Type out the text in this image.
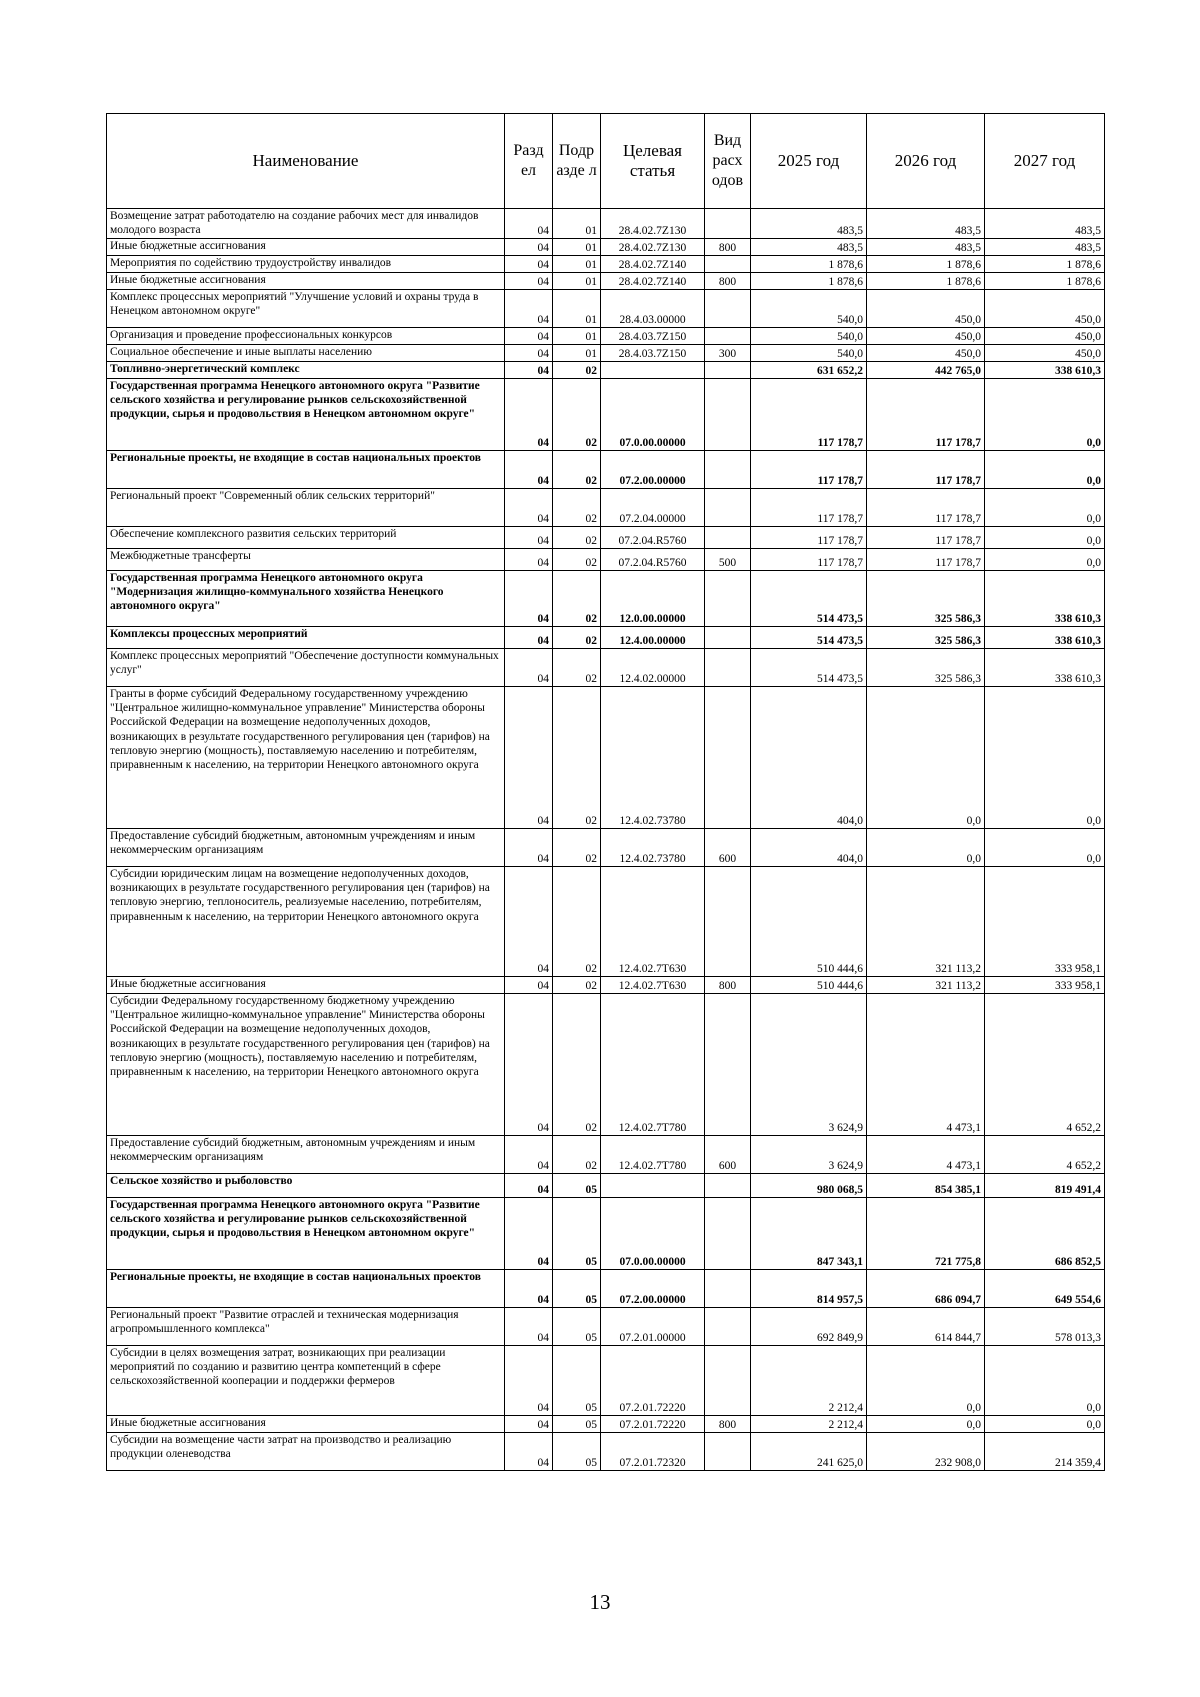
Наименование	Разд ел	Подр азде л	Целевая статья	Вид расх одов	2025 год	2026 год	2027 год
Возмещение затрат работодателю на создание рабочих мест для инвалидов молодого возраста	04	01	28.4.02.7Z130		483,5	483,5	483,5
Иные бюджетные ассигнования	04	01	28.4.02.7Z130	800	483,5	483,5	483,5
Мероприятия по содействию трудоустройству инвалидов	04	01	28.4.02.7Z140		1 878,6	1 878,6	1 878,6
Иные бюджетные ассигнования	04	01	28.4.02.7Z140	800	1 878,6	1 878,6	1 878,6
Комплекс процессных мероприятий "Улучшение условий и охраны труда в Ненецком автономном округе"	04	01	28.4.03.00000		540,0	450,0	450,0
Организация и проведение профессиональных конкурсов	04	01	28.4.03.7Z150		540,0	450,0	450,0
Социальное обеспечение и иные выплаты населению	04	01	28.4.03.7Z150	300	540,0	450,0	450,0
Топливно-энергетический комплекс	04	02			631 652,2	442 765,0	338 610,3
Государственная программа Ненецкого автономного округа "Развитие сельского хозяйства и регулирование рынков сельскохозяйственной продукции, сырья и продовольствия в Ненецком автономном округе"	04	02	07.0.00.00000		117 178,7	117 178,7	0,0
Региональные проекты, не входящие в состав национальных проектов	04	02	07.2.00.00000		117 178,7	117 178,7	0,0
Региональный проект "Современный облик сельских территорий"	04	02	07.2.04.00000		117 178,7	117 178,7	0,0
Обеспечение комплексного развития сельских территорий	04	02	07.2.04.R5760		117 178,7	117 178,7	0,0
Межбюджетные трансферты	04	02	07.2.04.R5760	500	117 178,7	117 178,7	0,0
Государственная программа Ненецкого автономного округа "Модернизация жилищно-коммунального хозяйства Ненецкого автономного округа"	04	02	12.0.00.00000		514 473,5	325 586,3	338 610,3
Комплексы процессных мероприятий	04	02	12.4.00.00000		514 473,5	325 586,3	338 610,3
Комплекс процессных мероприятий "Обеспечение доступности коммунальных услуг"	04	02	12.4.02.00000		514 473,5	325 586,3	338 610,3
Гранты в форме субсидий Федеральному государственному учреждению "Центральное жилищно-коммунальное управление" Министерства обороны Российской Федерации на возмещение недополученных доходов, возникающих в результате государственного регулирования цен (тарифов) на тепловую энергию (мощность), поставляемую населению и потребителям, приравненным к населению, на территории Ненецкого автономного округа	04	02	12.4.02.73780		404,0	0,0	0,0
Предоставление субсидий бюджетным, автономным учреждениям и иным некоммерческим организациям	04	02	12.4.02.73780	600	404,0	0,0	0,0
Субсидии юридическим лицам на возмещение недополученных доходов, возникающих в результате государственного регулирования цен (тарифов) на тепловую энергию, теплоноситель, реализуемые населению, потребителям, приравненным к населению, на территории Ненецкого автономного округа	04	02	12.4.02.7T630		510 444,6	321 113,2	333 958,1
Иные бюджетные ассигнования	04	02	12.4.02.7T630	800	510 444,6	321 113,2	333 958,1
Субсидии Федеральному государственному бюджетному учреждению "Центральное жилищно-коммунальное управление" Министерства обороны Российской Федерации на возмещение недополученных доходов, возникающих в результате государственного регулирования цен (тарифов) на тепловую энергию (мощность), поставляемую населению и потребителям, приравненным к населению, на территории Ненецкого автономного округа	04	02	12.4.02.7T780		3 624,9	4 473,1	4 652,2
Предоставление субсидий бюджетным, автономным учреждениям и иным некоммерческим организациям	04	02	12.4.02.7T780	600	3 624,9	4 473,1	4 652,2
Сельское хозяйство и рыболовство	04	05			980 068,5	854 385,1	819 491,4
Государственная программа Ненецкого автономного округа "Развитие сельского хозяйства и регулирование рынков сельскохозяйственной продукции, сырья и продовольствия в Ненецком автономном округе"	04	05	07.0.00.00000		847 343,1	721 775,8	686 852,5
Региональные проекты, не входящие в состав национальных проектов	04	05	07.2.00.00000		814 957,5	686 094,7	649 554,6
Региональный проект "Развитие отраслей и техническая модернизация агропромышленного комплекса"	04	05	07.2.01.00000		692 849,9	614 844,7	578 013,3
Субсидии в целях возмещения затрат, возникающих при реализации мероприятий по созданию и развитию центра компетенций в сфере сельскохозяйственной кооперации и поддержки фермеров	04	05	07.2.01.72220		2 212,4	0,0	0,0
Иные бюджетные ассигнования	04	05	07.2.01.72220	800	2 212,4	0,0	0,0
Субсидии на возмещение части затрат на производство и реализацию продукции оленеводства	04	05	07.2.01.72320		241 625,0	232 908,0	214 359,4
13
